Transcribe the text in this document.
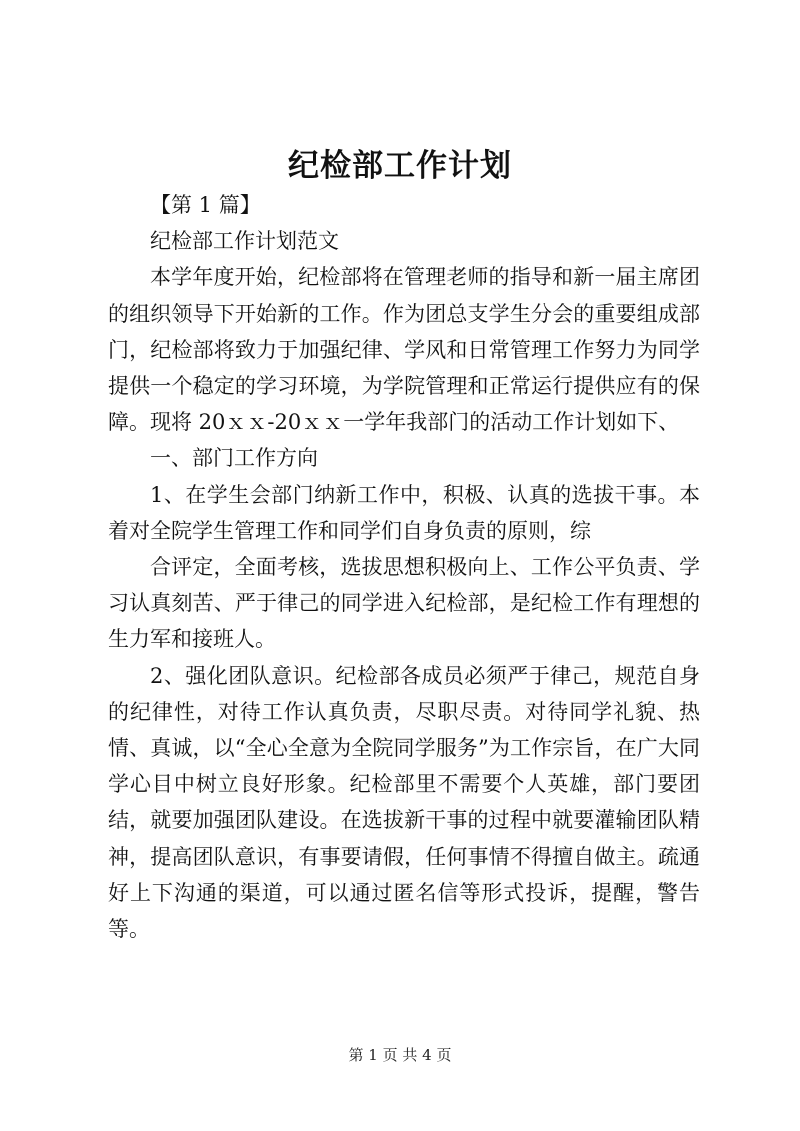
纪检部工作计划

【第 1 篇】

纪检部工作计划范文

本学年度开始，纪检部将在管理老师的指导和新一届主席团的组织领导下开始新的工作。作为团总支学生分会的重要组成部门，纪检部将致力于加强纪律、学风和日常管理工作努力为同学提供一个稳定的学习环境，为学院管理和正常运行提供应有的保障。现将 20ｘｘ-20ｘｘ一学年我部门的活动工作计划如下、

一、部门工作方向

1、在学生会部门纳新工作中，积极、认真的选拔干事。本着对全院学生管理工作和同学们自身负责的原则，综

合评定，全面考核，选拔思想积极向上、工作公平负责、学习认真刻苦、严于律己的同学进入纪检部，是纪检工作有理想的生力军和接班人。

2、强化团队意识。纪检部各成员必须严于律己，规范自身的纪律性，对待工作认真负责，尽职尽责。对待同学礼貌、热情、真诚，以“全心全意为全院同学服务”为工作宗旨，在广大同学心目中树立良好形象。纪检部里不需要个人英雄，部门要团结，就要加强团队建设。在选拔新干事的过程中就要灌输团队精神，提高团队意识，有事要请假，任何事情不得擅自做主。疏通好上下沟通的渠道，可以通过匿名信等形式投诉，提醒，警告等。

第 1 页 共 4 页
